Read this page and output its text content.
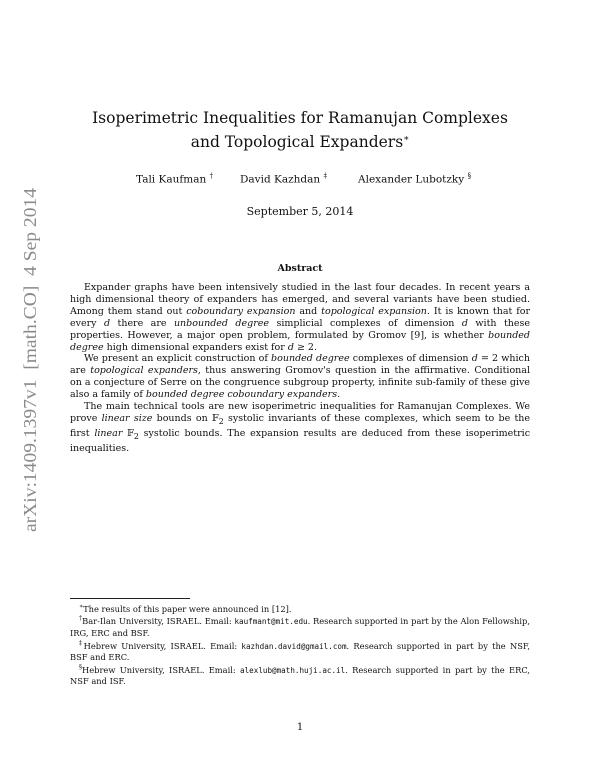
arXiv:1409.1397v1  [math.CO]  4 Sep 2014
Isoperimetric Inequalities for Ramanujan Complexes
and Topological Expanders∗
Tali Kaufman †	David Kazhdan ‡	Alexander Lubotzky §
September 5, 2014
Abstract

Expander graphs have been intensively studied in the last four decades. In recent years a high dimensional theory of expanders has emerged, and several variants have been studied. Among them stand out coboundary expansion and topological expansion. It is known that for every d there are unbounded degree simplicial complexes of dimension d with these properties. However, a major open problem, formulated by Gromov [9], is whether bounded degree high dimensional expanders exist for d ≥ 2.

We present an explicit construction of bounded degree complexes of dimension d = 2 which are topological expanders, thus answering Gromov's question in the affirmative. Conditional on a conjecture of Serre on the congruence subgroup property, infinite sub-family of these give also a family of bounded degree coboundary expanders.

The main technical tools are new isoperimetric inequalities for Ramanujan Complexes. We prove linear size bounds on 𝔽$_2$ systolic invariants of these complexes, which seem to be the first linear 𝔽$_2$ systolic bounds. The expansion results are deduced from these isoperimetric inequalities.

∗The results of this paper were announced in [12].

†Bar-Ilan University, ISRAEL. Email: kaufmant@mit.edu. Research supported in part by the Alon Fellowship, IRG, ERC and BSF.

‡Hebrew University, ISRAEL. Email: kazhdan.david@gmail.com. Research supported in part by the NSF, BSF and ERC.

§Hebrew University, ISRAEL. Email: alexlub@math.huji.ac.il. Research supported in part by the ERC, NSF and ISF.

1
